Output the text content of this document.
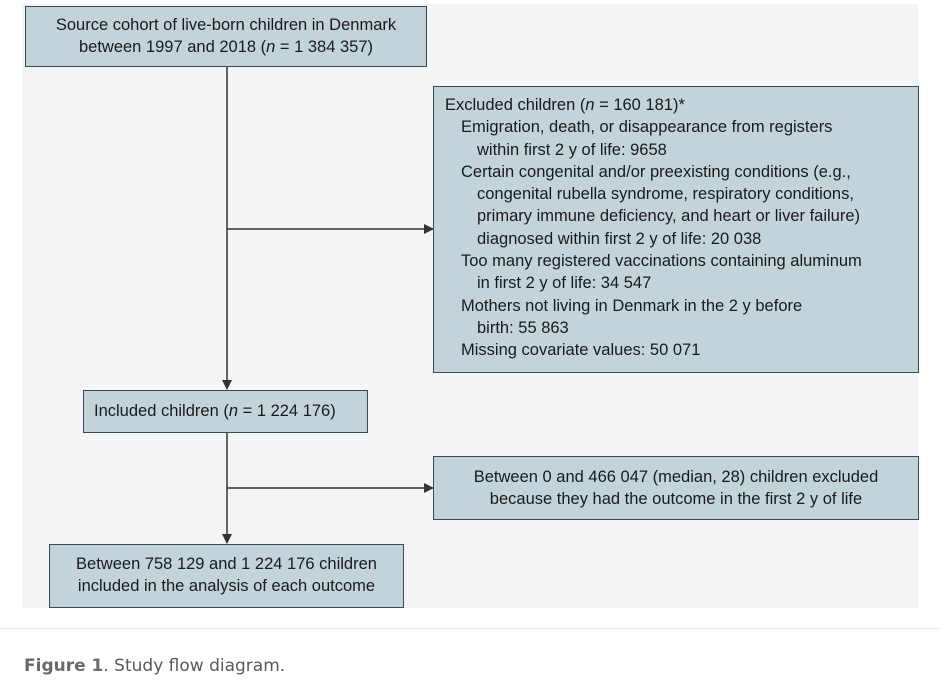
Source cohort of live-born children in Denmark
between 1997 and 2018 (n = 1 384 357)
Excluded children (n = 160 181)*
Emigration, death, or disappearance from registers
within first 2 y of life: 9658
Certain congenital and/or preexisting conditions (e.g.,
congenital rubella syndrome, respiratory conditions,
primary immune deficiency, and heart or liver failure)
diagnosed within first 2 y of life: 20 038
Too many registered vaccinations containing aluminum
in first 2 y of life: 34 547
Mothers not living in Denmark in the 2 y before
birth: 55 863
Missing covariate values: 50 071
Included children (n = 1 224 176)
Between 0 and 466 047 (median, 28) children excluded
because they had the outcome in the first 2 y of life
Between 758 129 and 1 224 176 children
included in the analysis of each outcome
Figure 1. Study flow diagram.
